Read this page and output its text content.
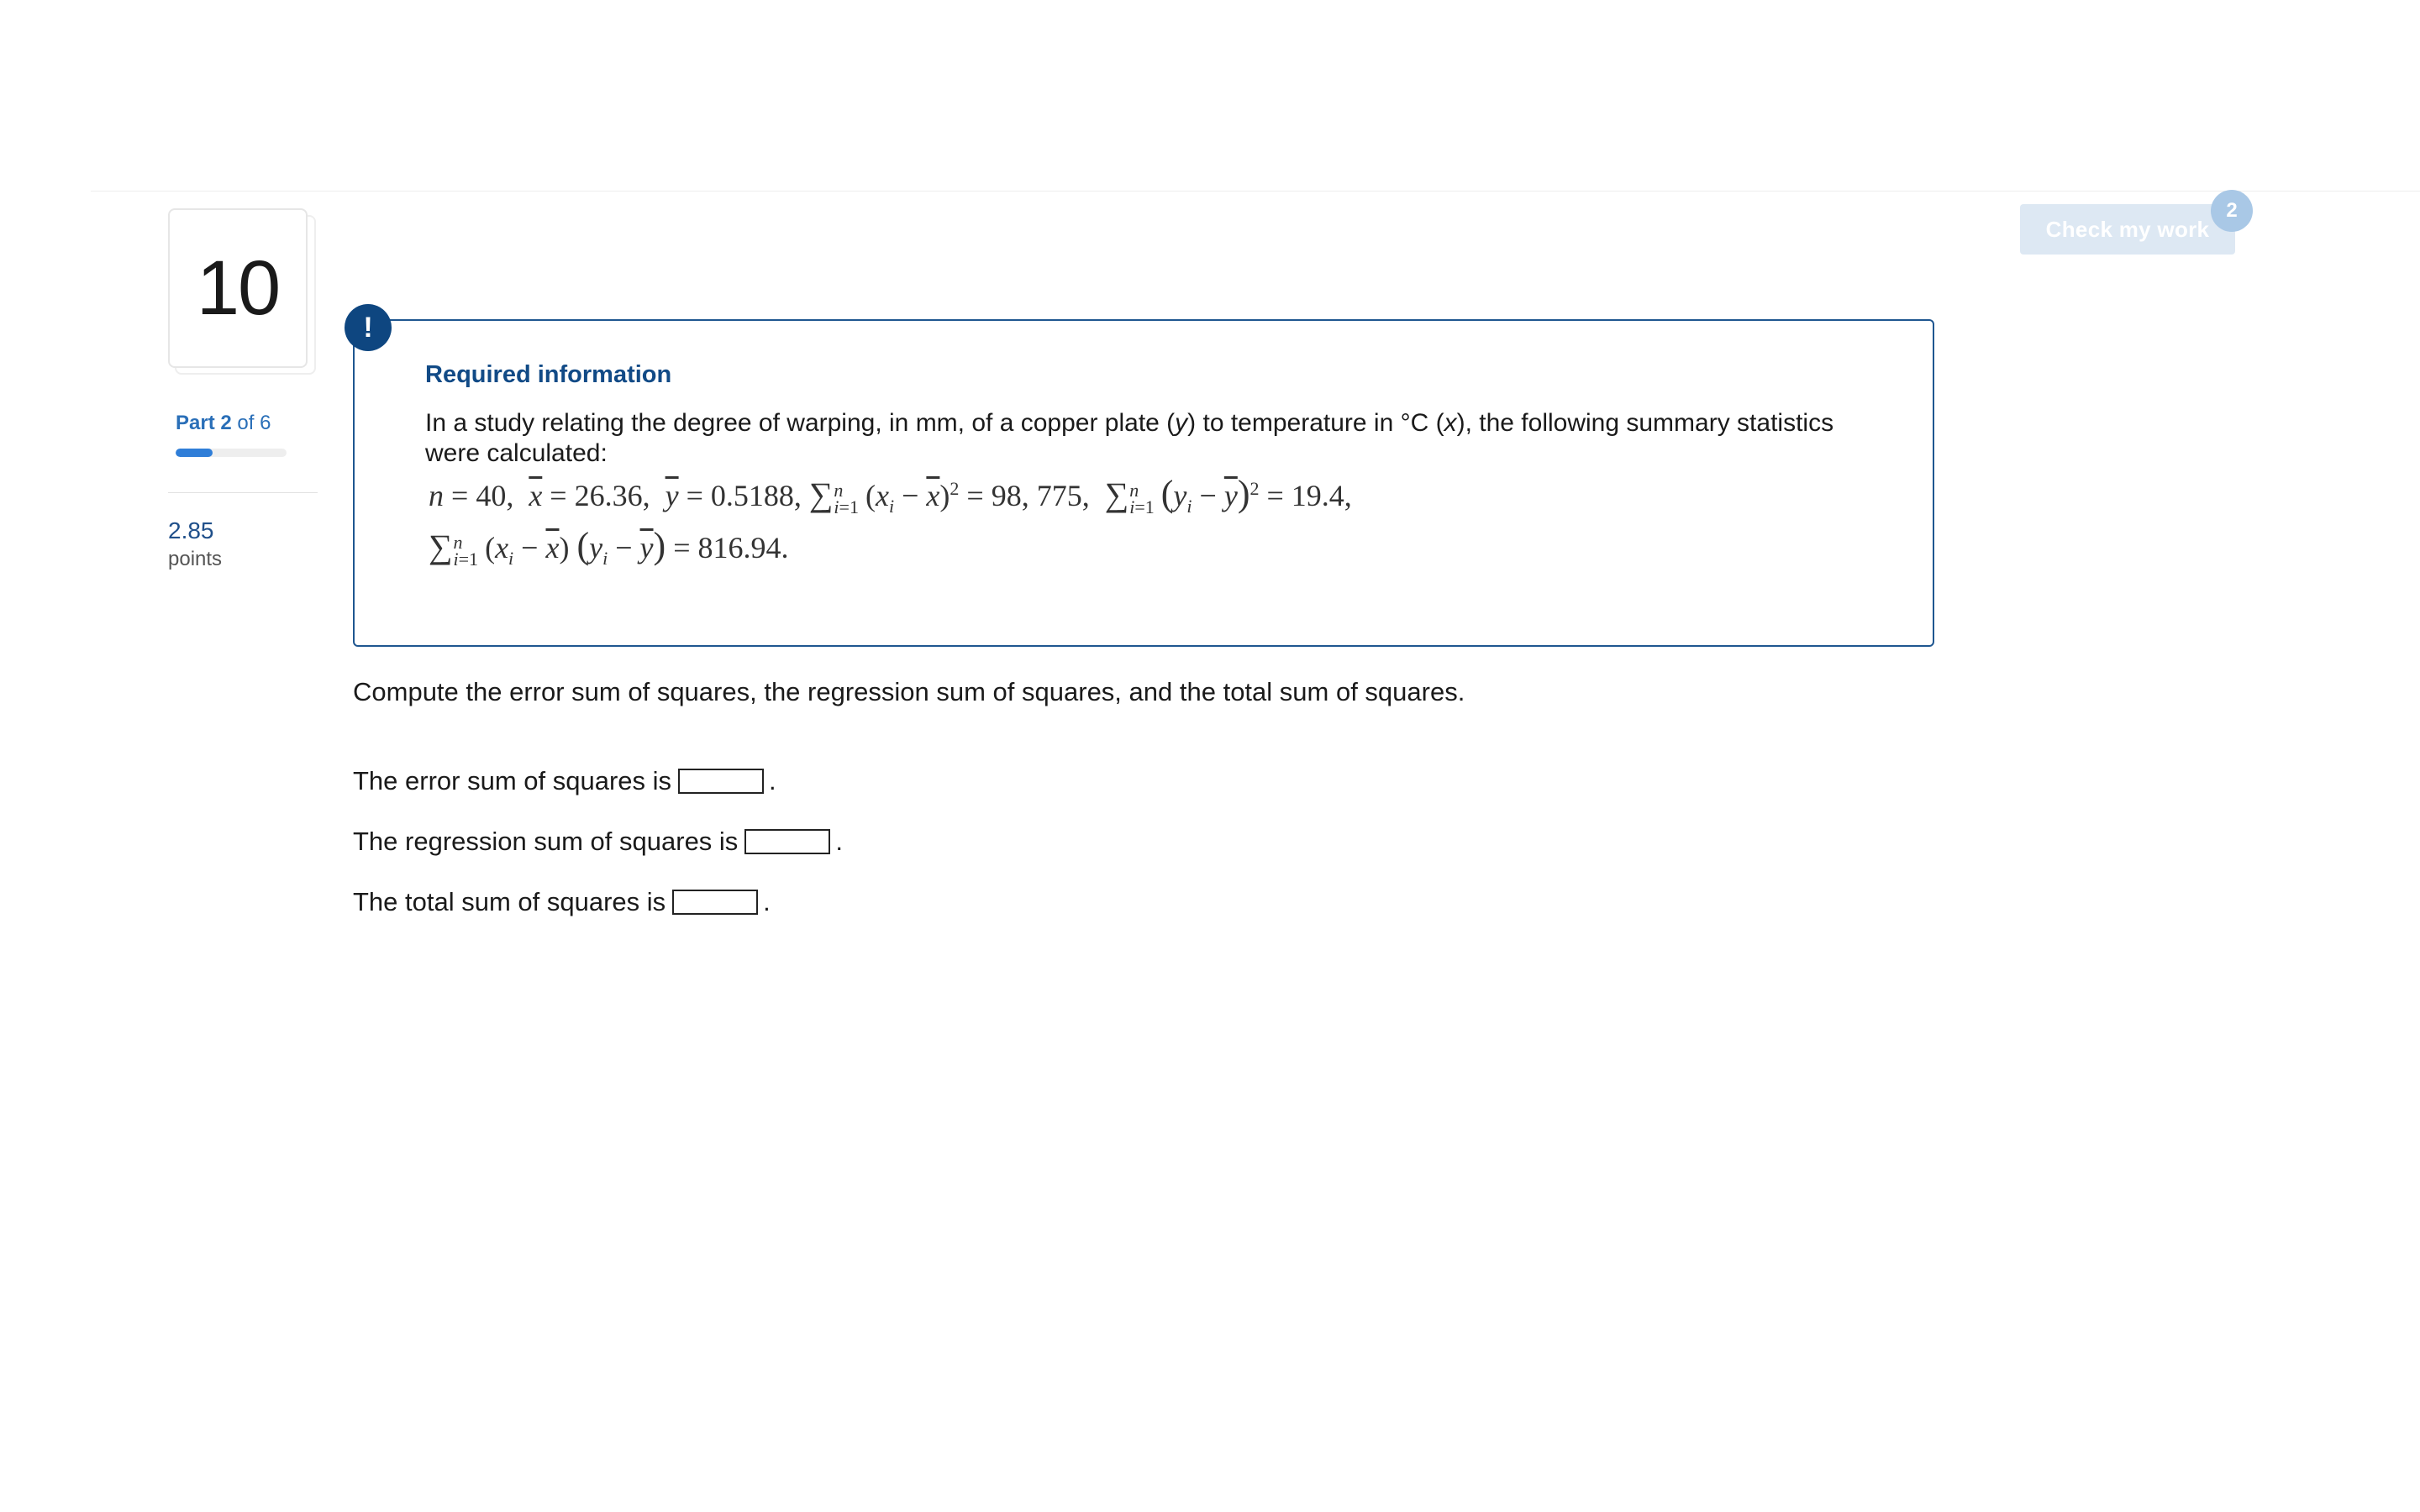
Check my work
2
10
Part 2 of 6
2.85
points
!
Required information
In a study relating the degree of warping, in mm, of a copper plate (y) to temperature in °C (x), the following summary statistics were calculated:
n = 40,  $\overline{x} = 26.36$,  $\overline{y} = 0.5188$, ∑ n
i=1 $(x_i - \overline{x})^2 = 98$, 775,  ∑ n
i=1 $(y_i - \overline{y})^2 = 19.4$,
∑ n
i=1 $(x_i - \overline{x}) (y_i - \overline{y}) = 816.94$.
Compute the error sum of squares, the regression sum of squares, and the total sum of squares.
The error sum of squares is	.
The regression sum of squares is	.
The total sum of squares is	.
